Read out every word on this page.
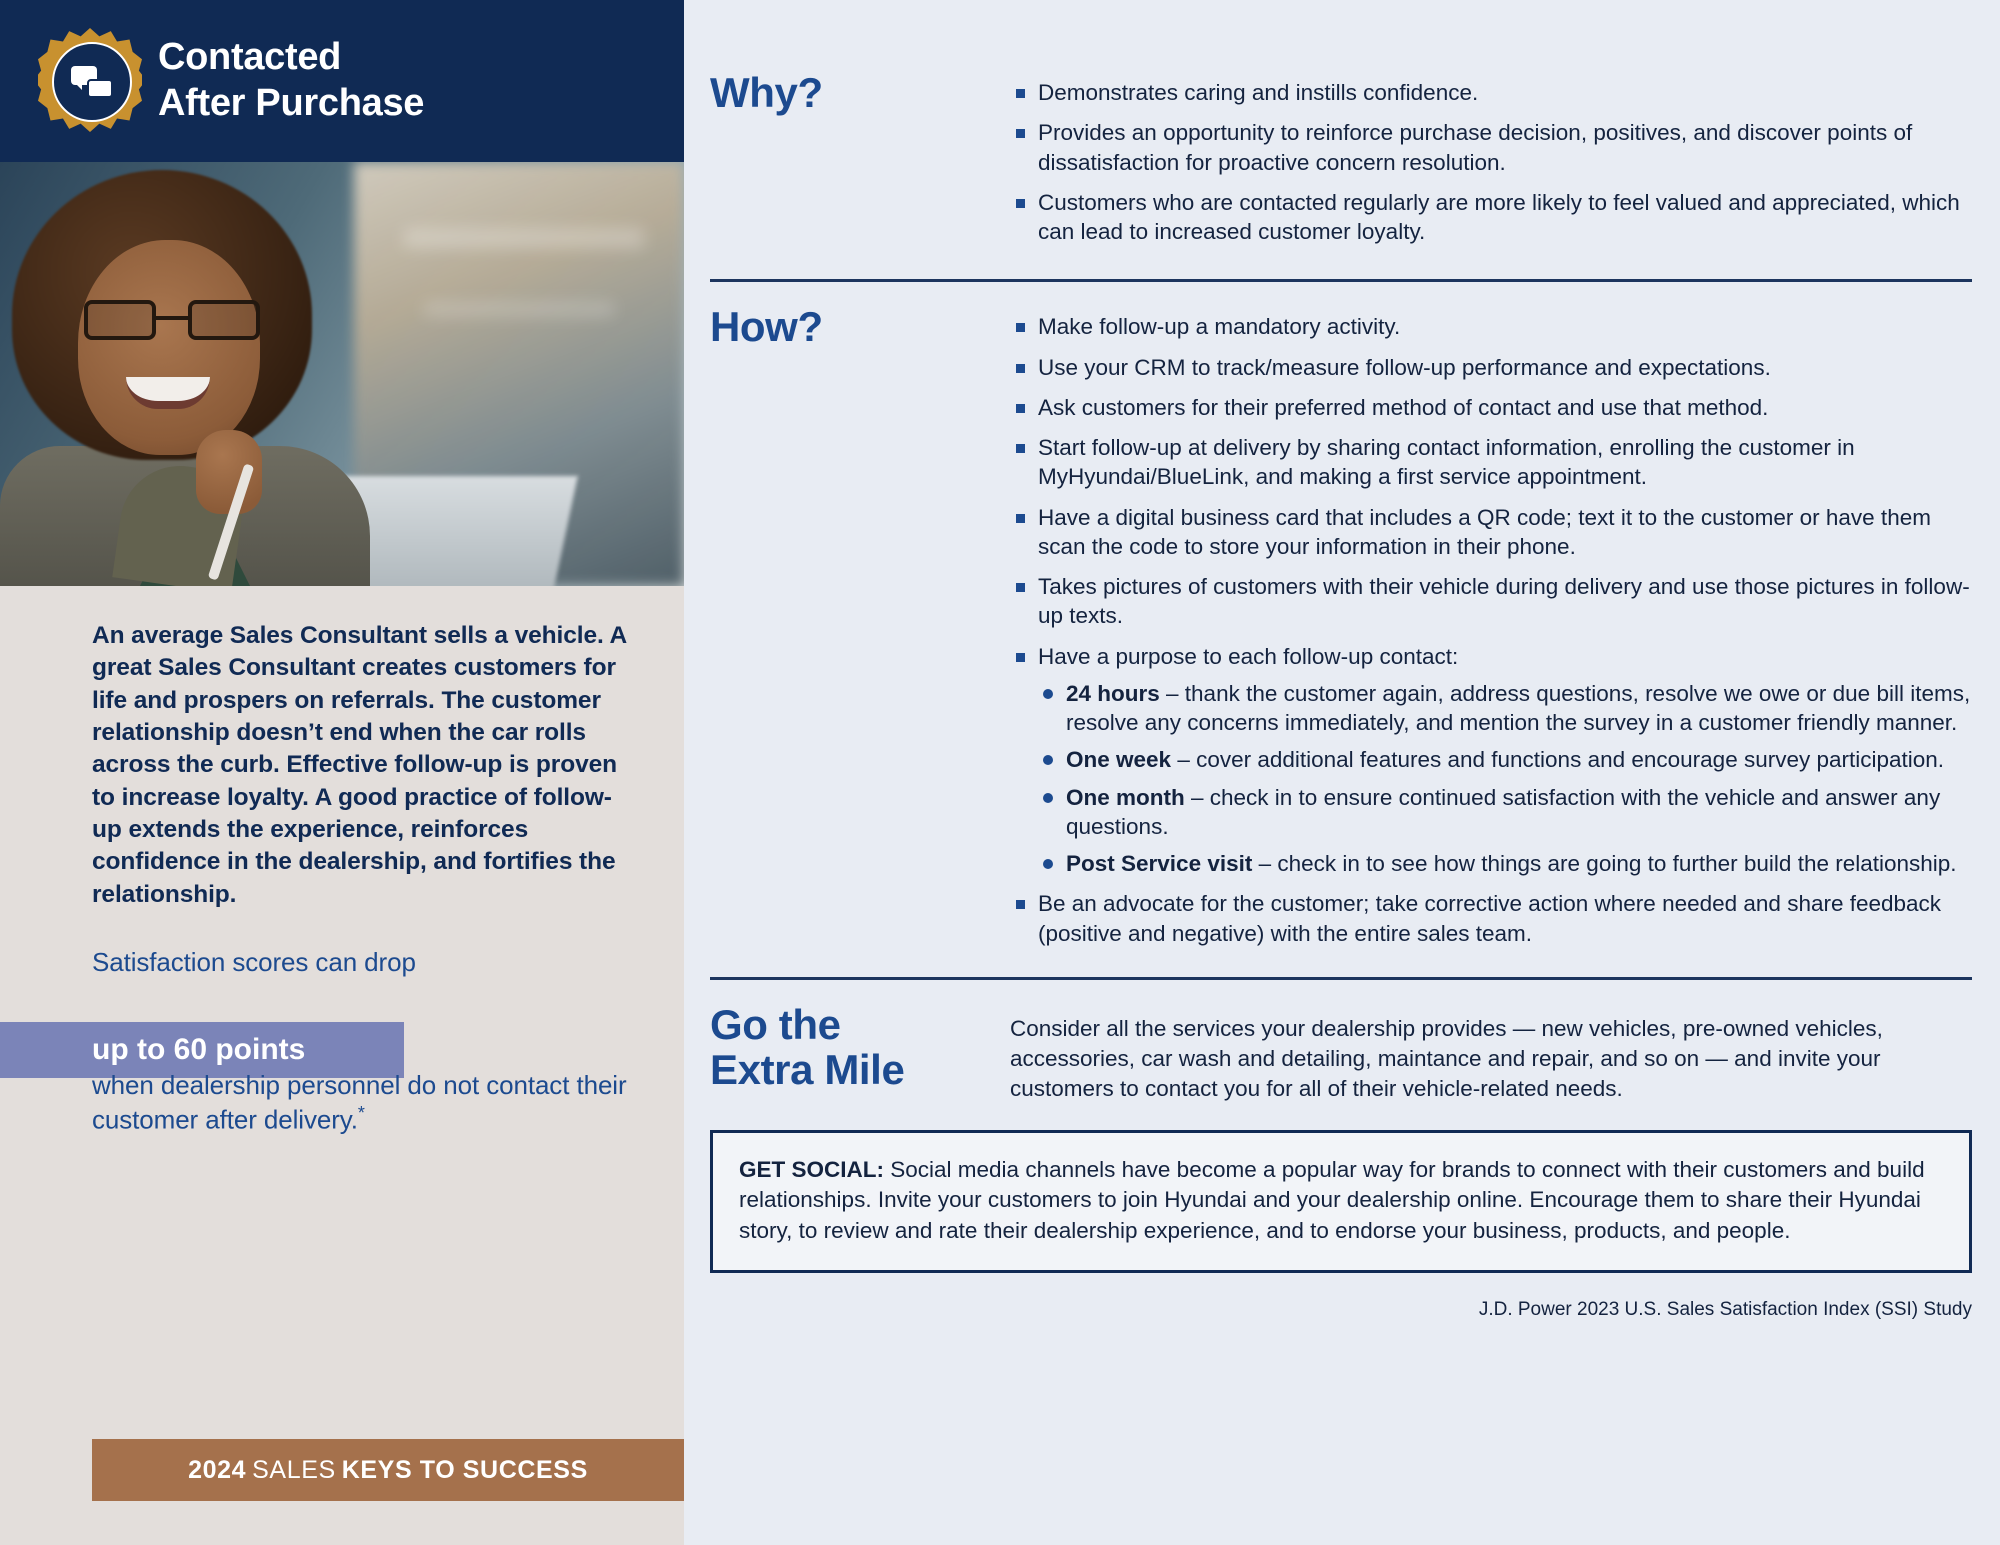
Contacted
After Purchase

An average Sales Consultant sells a vehicle. A great Sales Consultant creates customers for life and prospers on referrals. The customer relationship doesn’t end when the car rolls across the curb. Effective follow-up is proven to increase loyalty. A good practice of follow-up extends the experience, reinforces confidence in the dealership, and fortifies the relationship.

Satisfaction scores can drop

up to 60 points

when dealership personnel do not contact their customer after delivery.*

2024 SALES KEYS TO SUCCESS
Why?	Demonstrates caring and instills confidence.
Provides an opportunity to reinforce purchase decision, positives, and discover points of dissatisfaction for proactive concern resolution.
Customers who are contacted regularly are more likely to feel valued and appreciated, which can lead to increased customer loyalty.
How?	Make follow-up a mandatory activity.
Use your CRM to track/measure follow-up performance and expectations.
Ask customers for their preferred method of contact and use that method.
Start follow-up at delivery by sharing contact information, enrolling the customer in MyHyundai/BlueLink, and making a first service appointment.
Have a digital business card that includes a QR code; text it to the customer or have them scan the code to store your information in their phone.
Takes pictures of customers with their vehicle during delivery and use those pictures in follow-up texts.
Have a purpose to each follow-up contact:
24 hours – thank the customer again, address questions, resolve we owe or due bill items, resolve any concerns immediately, and mention the survey in a customer friendly manner.
One week – cover additional features and functions and encourage survey participation.
One month – check in to ensure continued satisfaction with the vehicle and answer any questions.
Post Service visit – check in to see how things are going to further build the relationship.
Be an advocate for the customer; take corrective action where needed and share feedback (positive and negative) with the entire sales team.
Go the
Extra Mile

Consider all the services your dealership provides — new vehicles, pre-owned vehicles, accessories, car wash and detailing, maintance and repair, and so on — and invite your customers to contact you for all of their vehicle-related needs.

GET SOCIAL: Social media channels have become a popular way for brands to connect with their customers and build relationships. Invite your customers to join Hyundai and your dealership online. Encourage them to share their Hyundai story, to review and rate their dealership experience, and to endorse your business, products, and people.

J.D. Power 2023 U.S. Sales Satisfaction Index (SSI) Study
